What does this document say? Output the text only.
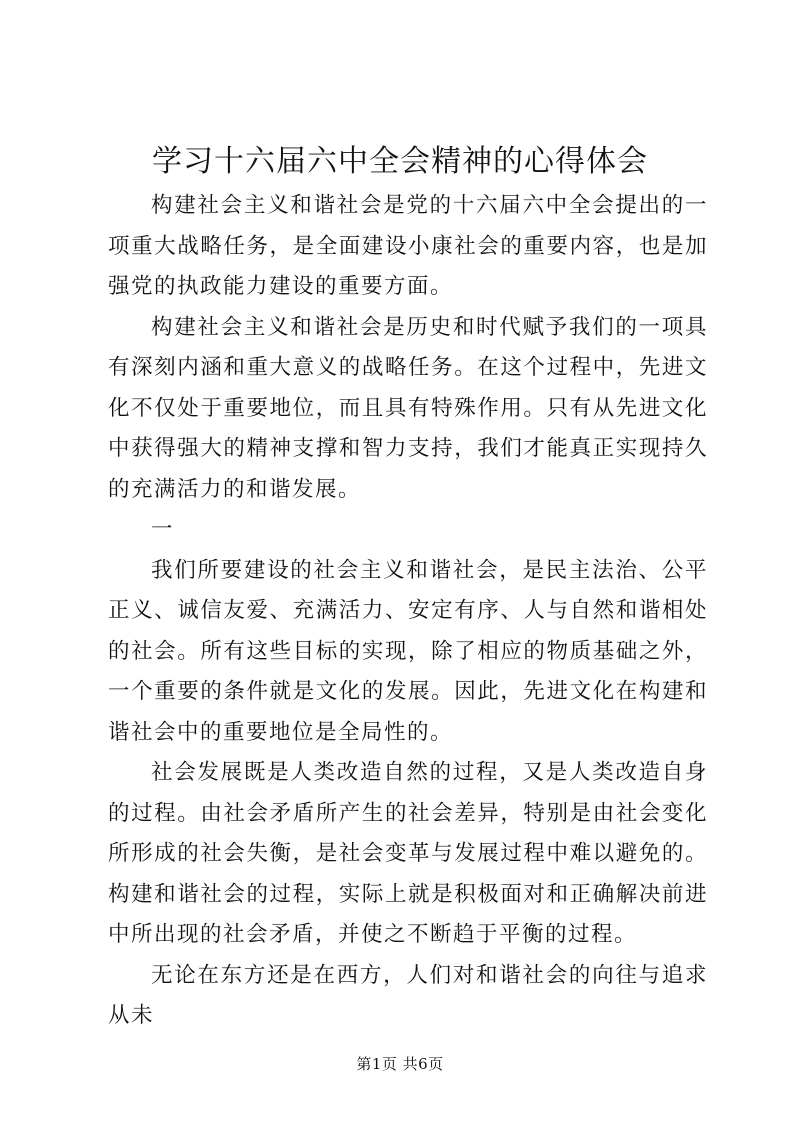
学习十六届六中全会精神的心得体会

构建社会主义和谐社会是党的十六届六中全会提出的一项重大战略任务，是全面建设小康社会的重要内容，也是加强党的执政能力建设的重要方面。

构建社会主义和谐社会是历史和时代赋予我们的一项具有深刻内涵和重大意义的战略任务。在这个过程中，先进文化不仅处于重要地位，而且具有特殊作用。只有从先进文化中获得强大的精神支撑和智力支持，我们才能真正实现持久的充满活力的和谐发展。

一

我们所要建设的社会主义和谐社会，是民主法治、公平正义、诚信友爱、充满活力、安定有序、人与自然和谐相处的社会。所有这些目标的实现，除了相应的物质基础之外，一个重要的条件就是文化的发展。因此，先进文化在构建和谐社会中的重要地位是全局性的。

社会发展既是人类改造自然的过程，又是人类改造自身的过程。由社会矛盾所产生的社会差异，特别是由社会变化所形成的社会失衡，是社会变革与发展过程中难以避免的。构建和谐社会的过程，实际上就是积极面对和正确解决前进中所出现的社会矛盾，并使之不断趋于平衡的过程。

无论在东方还是在西方，人们对和谐社会的向往与追求从未

第1页 共6页
